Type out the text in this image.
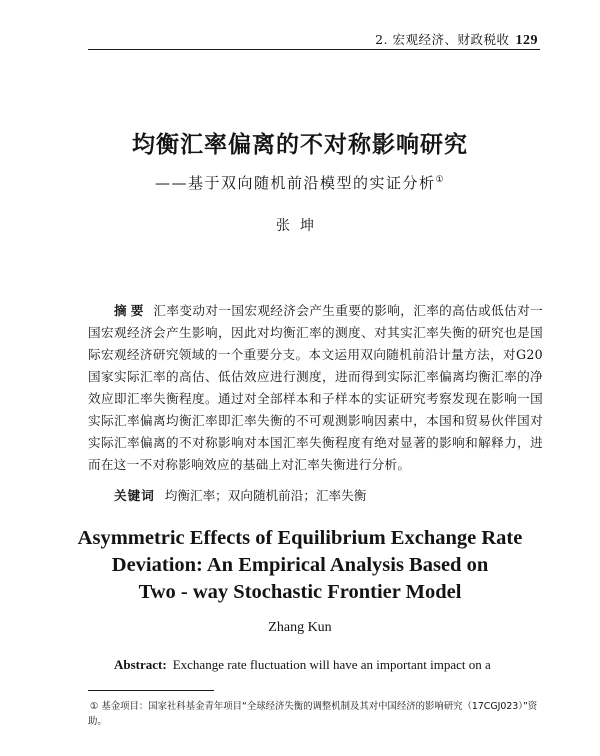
2. 宏观经济、财政税收 129
均衡汇率偏离的不对称影响研究
——基于双向随机前沿模型的实证分析①
张坤
摘要 汇率变动对一国宏观经济会产生重要的影响，汇率的高估或低估对一国宏观经济会产生影响，因此对均衡汇率的测度、对其实汇率失衡的研究也是国际宏观经济研究领域的一个重要分支。本文运用双向随机前沿计量方法，对G20国家实际汇率的高估、低估效应进行测度，进而得到实际汇率偏离均衡汇率的净效应即汇率失衡程度。通过对全部样本和子样本的实证研究考察发现在影响一国实际汇率偏离均衡汇率即汇率失衡的不可观测影响因素中，本国和贸易伙伴国对实际汇率偏离的不对称影响对本国汇率失衡程度有绝对显著的影响和解释力，进而在这一不对称影响效应的基础上对汇率失衡进行分析。
关键词 均衡汇率；双向随机前沿；汇率失衡
Asymmetric Effects of Equilibrium Exchange Rate
Deviation: An Empirical Analysis Based on
Two - way Stochastic Frontier Model
Zhang Kun
Abstract: Exchange rate fluctuation will have an important impact on a
① 基金项目：国家社科基金青年项目“全球经济失衡的调整机制及其对中国经济的影响研究（17CGJ023）”资助。
